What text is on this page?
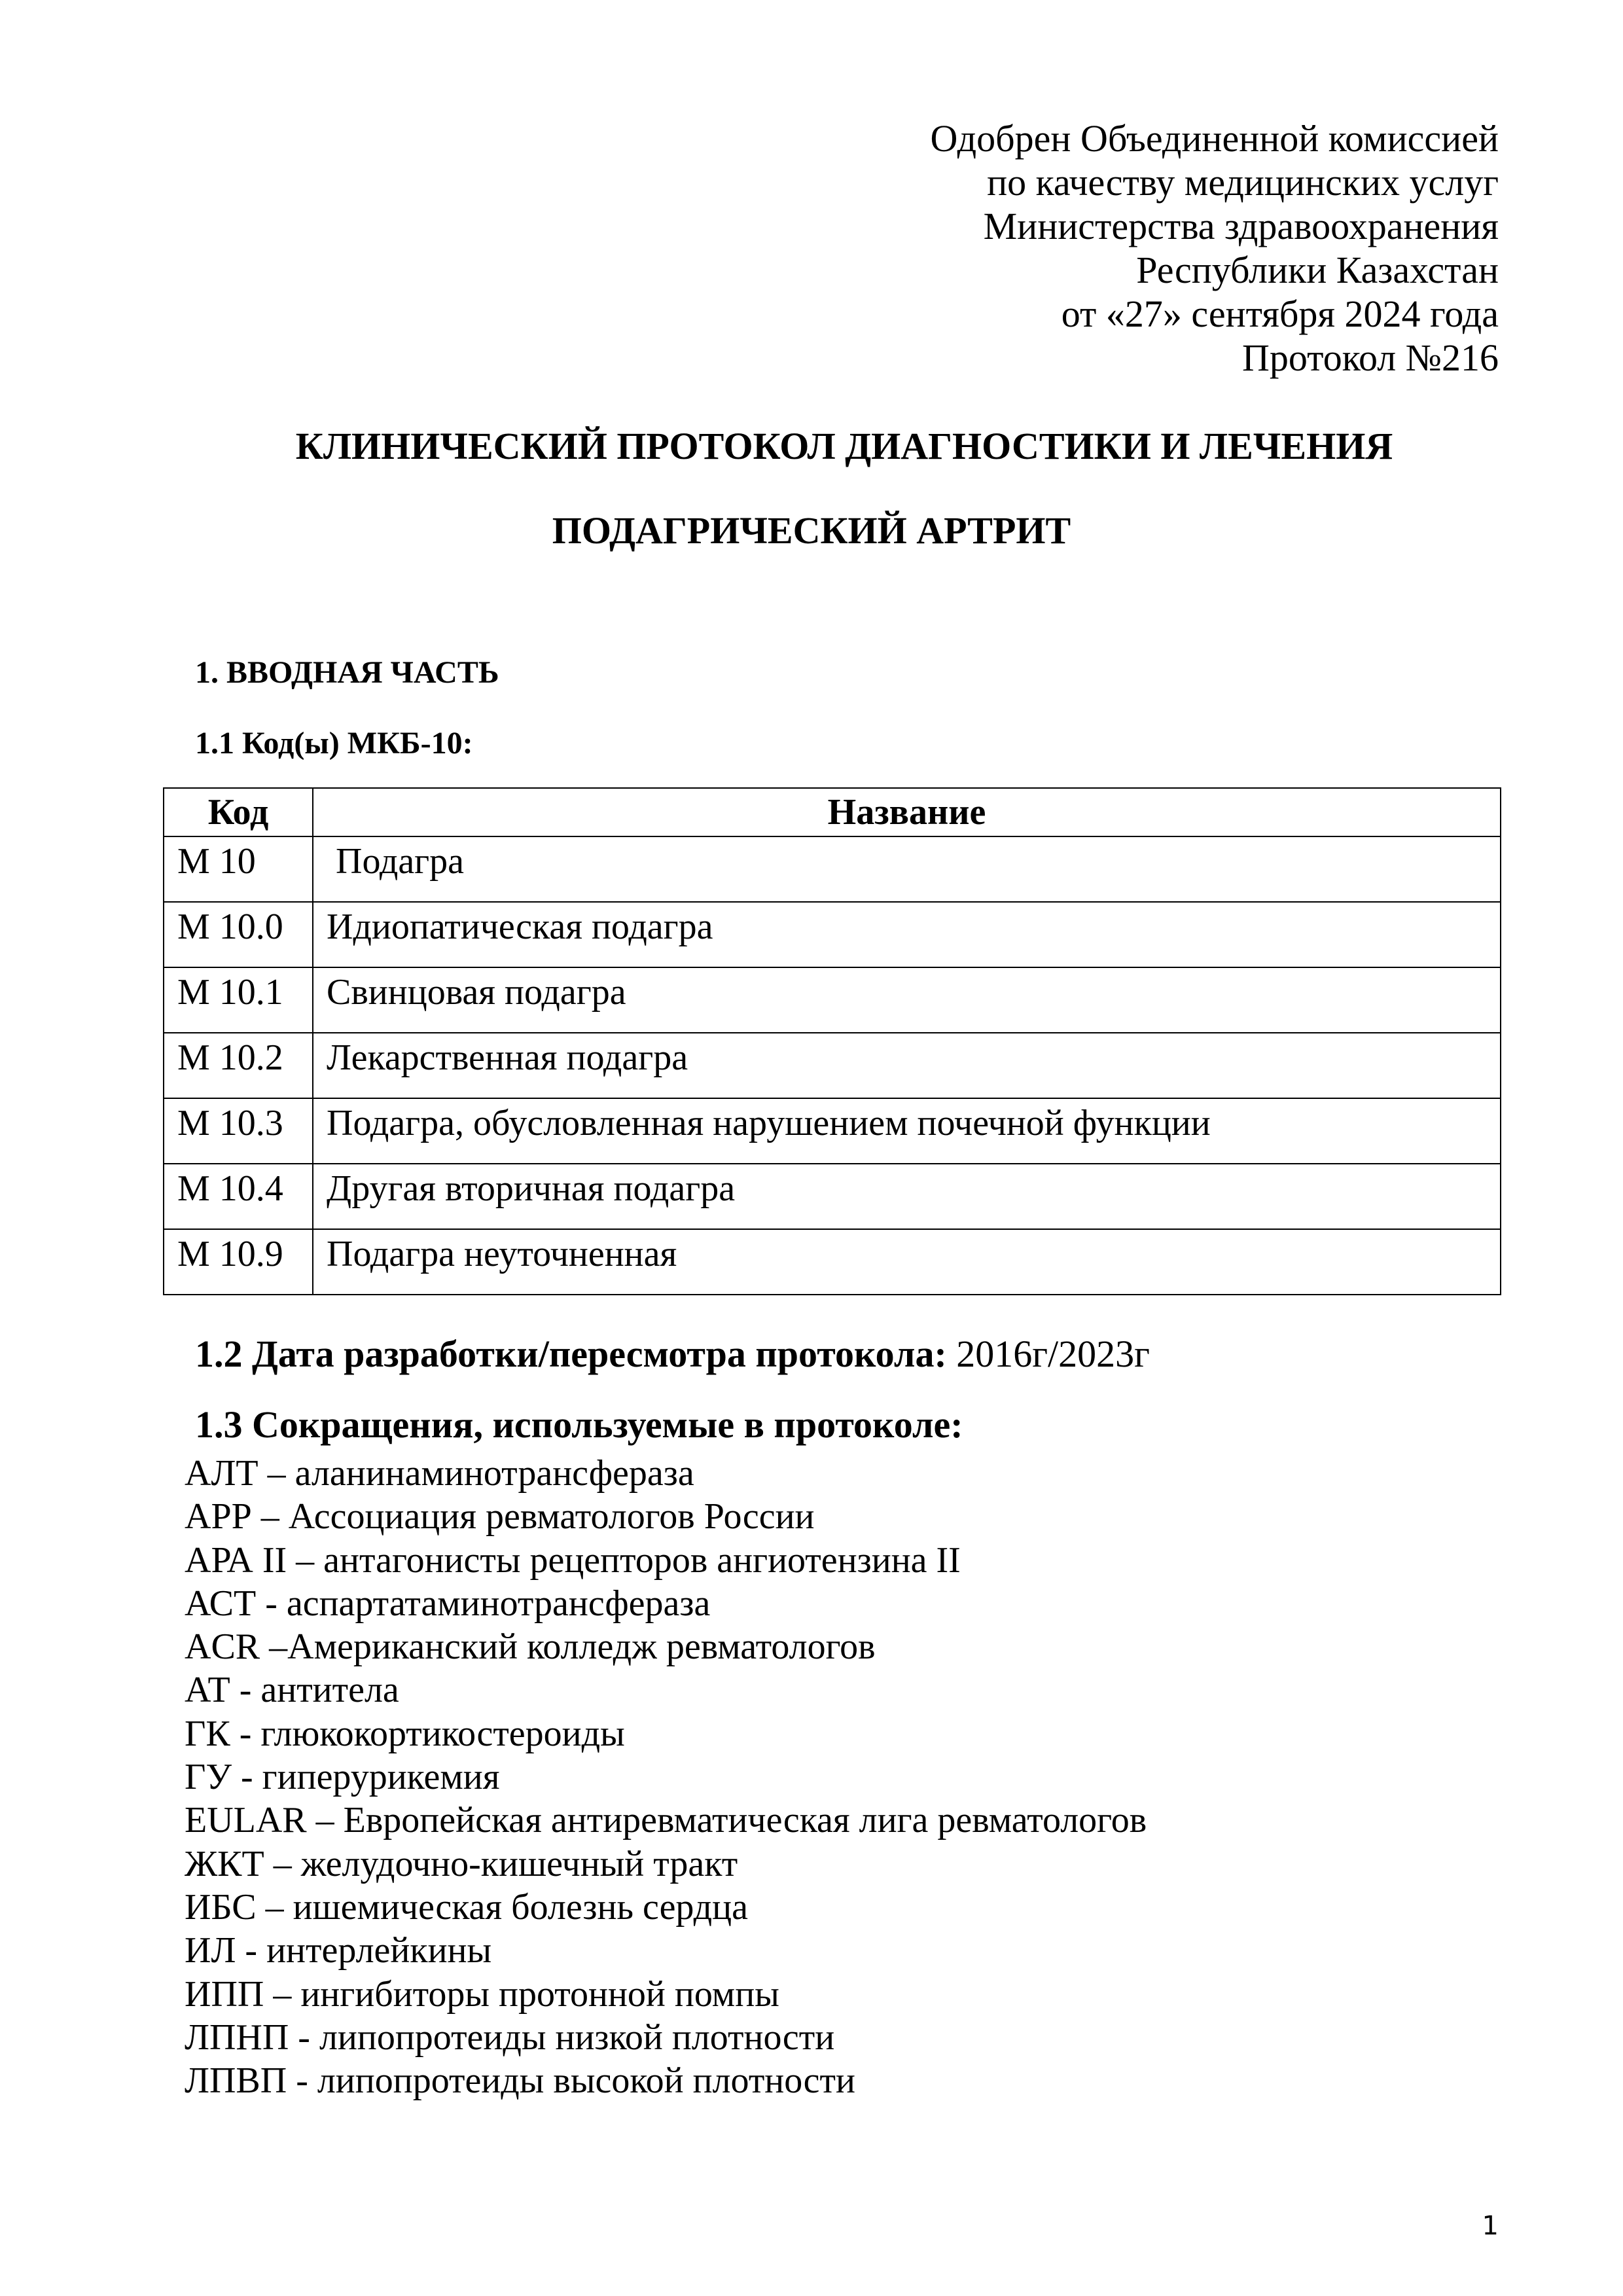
Одобрен Объединенной комиссией
по качеству медицинских услуг
Министерства здравоохранения
Республики Казахстан
от «27» сентября 2024 года
Протокол №216
КЛИНИЧЕСКИЙ ПРОТОКОЛ ДИАГНОСТИКИ И ЛЕЧЕНИЯ
ПОДАГРИЧЕСКИЙ АРТРИТ
1. ВВОДНАЯ ЧАСТЬ
1.1 Код(ы) МКБ-10:
Код	Название
М 10	Подагра
М 10.0	Идиопатическая подагра
М 10.1	Свинцовая подагра
М 10.2	Лекарственная подагра
М 10.3	Подагра, обусловленная нарушением почечной функции
М 10.4	Другая вторичная подагра
М 10.9	Подагра неуточненная
1.2 Дата разработки/пересмотра протокола: 2016г/2023г
1.3 Сокращения, используемые в протоколе:
АЛТ – аланинаминотрансфераза
АРР – Ассоциация ревматологов России
АРА II – антагонисты рецепторов ангиотензина II
АСТ - аспартатаминотрансфераза
ACR –Американский колледж ревматологов
АТ - антитела
ГК - глюкокортикостероиды
ГУ - гиперурикемия
EULAR – Европейская антиревматическая лига ревматологов
ЖКТ – желудочно-кишечный тракт
ИБС – ишемическая болезнь сердца
ИЛ - интерлейкины
ИПП – ингибиторы протонной помпы
ЛПНП - липопротеиды низкой плотности
ЛПВП - липопротеиды высокой плотности
1
